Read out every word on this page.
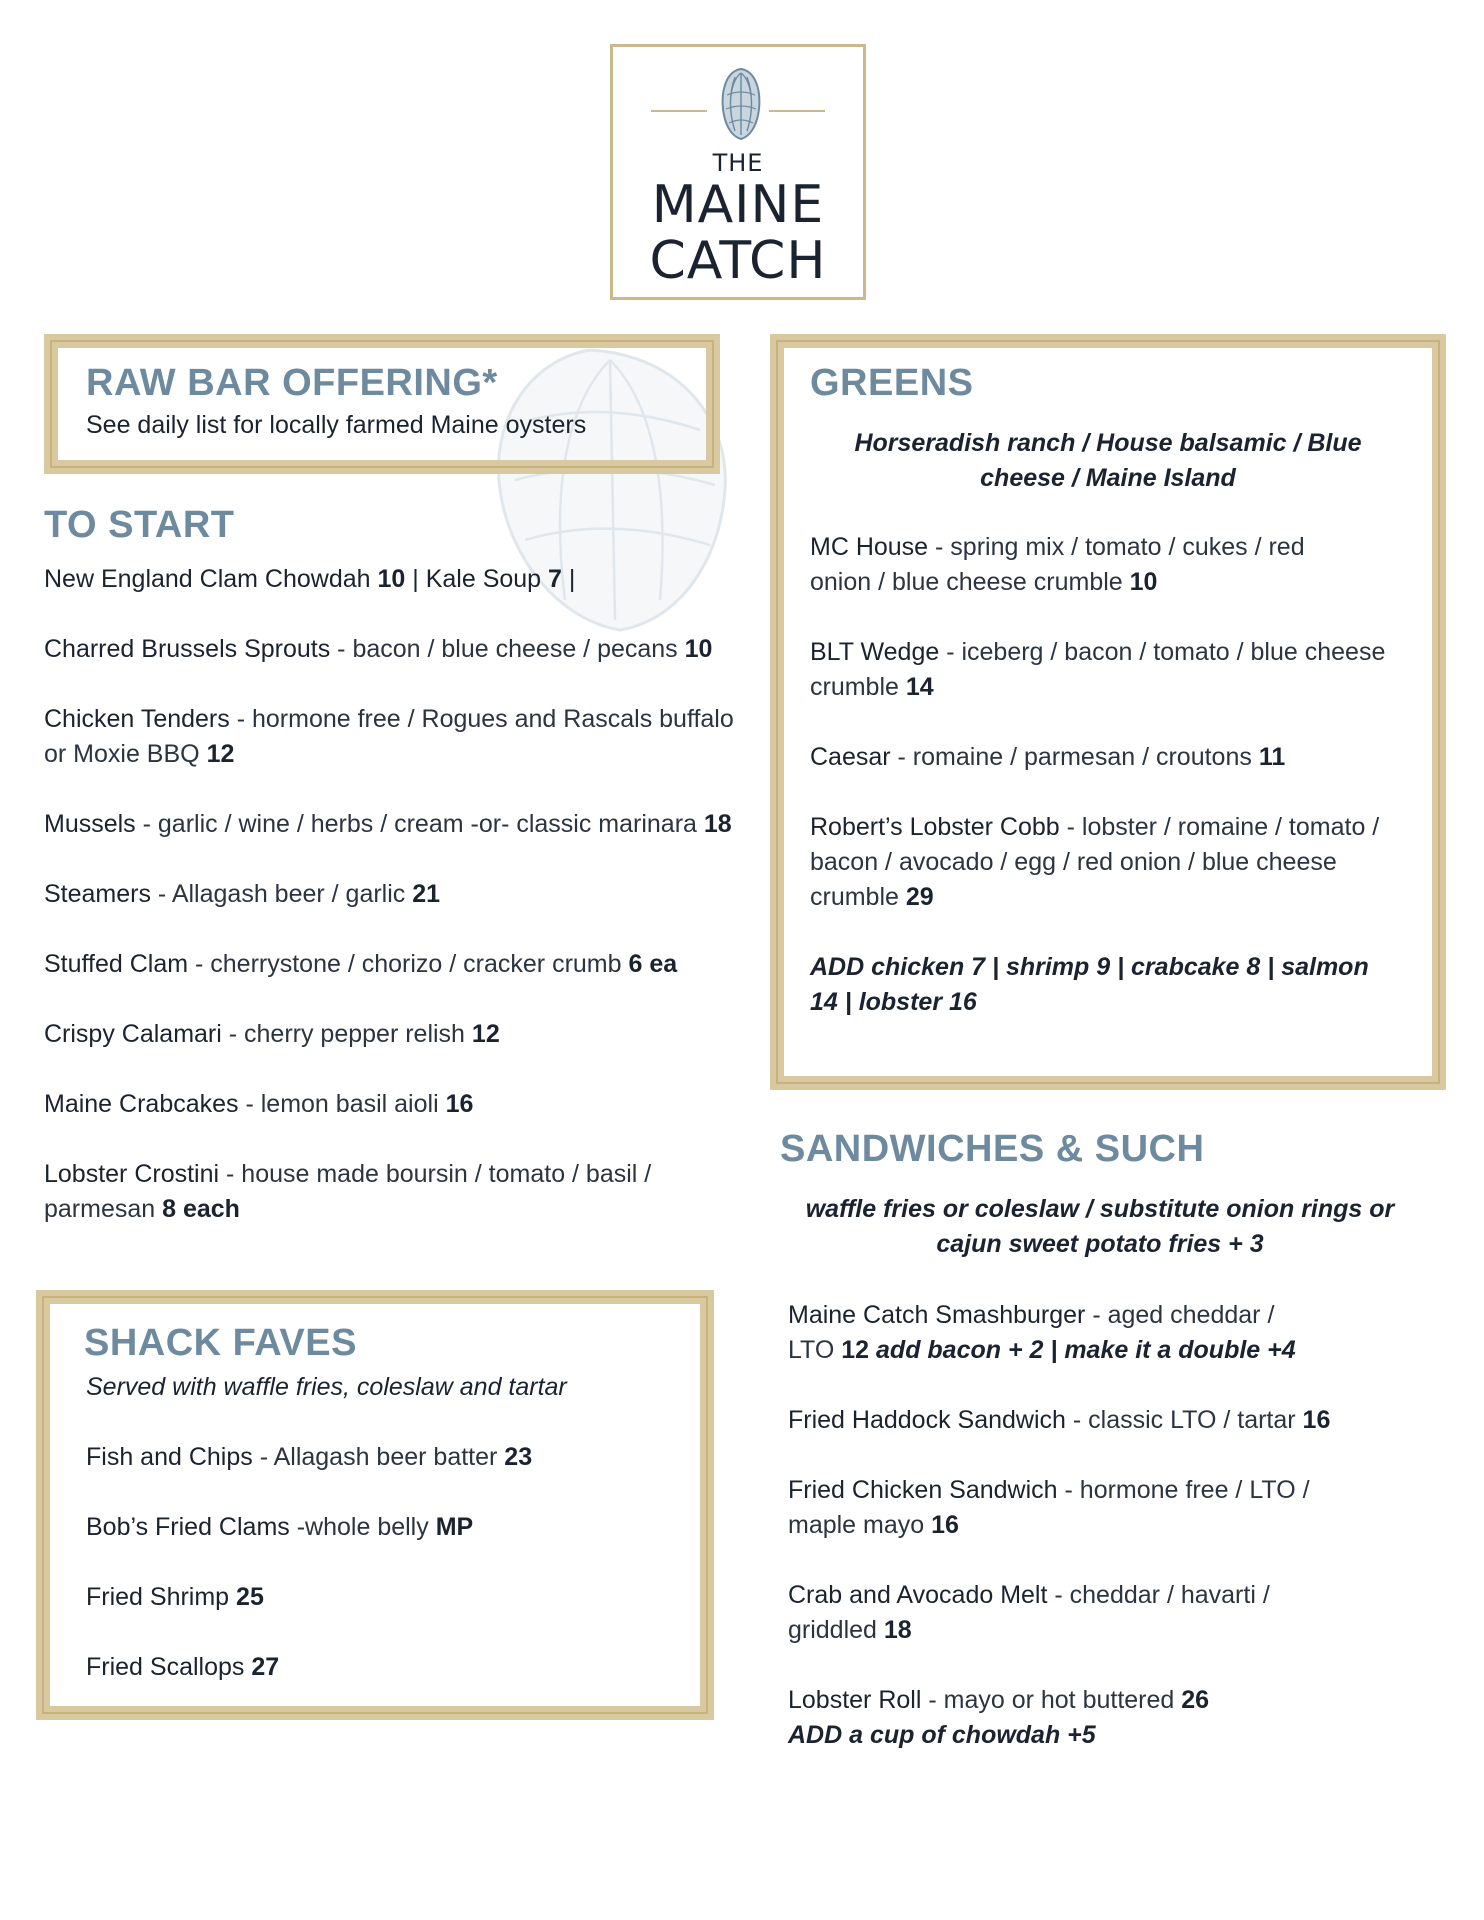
THE
MAINE
CATCH
RAW BAR OFFERING*
See daily list for locally farmed Maine oysters
TO START
New England Clam Chowdah 10 | Kale Soup 7 |
Charred Brussels Sprouts - bacon / blue cheese / pecans 10
Chicken Tenders - hormone free / Rogues and Rascals buffalo or Moxie BBQ 12
Mussels - garlic / wine / herbs / cream -or- classic marinara 18
Steamers - Allagash beer / garlic 21
Stuffed Clam - cherrystone / chorizo / cracker crumb 6 ea
Crispy Calamari - cherry pepper relish 12
Maine Crabcakes - lemon basil aioli 16
Lobster Crostini - house made boursin / tomato / basil / parmesan 8 each
SHACK FAVES
Served with waffle fries, coleslaw and tartar
Fish and Chips - Allagash beer batter 23
Bob’s Fried Clams -whole belly MP
Fried Shrimp 25
Fried Scallops 27
GREENS
Horseradish ranch / House balsamic / Blue cheese / Maine Island
MC House - spring mix / tomato / cukes / red onion / blue cheese crumble 10
BLT Wedge - iceberg / bacon / tomato / blue cheese crumble 14
Caesar - romaine / parmesan / croutons 11
Robert’s Lobster Cobb - lobster / romaine / tomato / bacon / avocado / egg / red onion / blue cheese crumble 29
ADD chicken 7 | shrimp 9 | crabcake 8 | salmon 14 | lobster 16
SANDWICHES & SUCH
waffle fries or coleslaw / substitute onion rings or cajun sweet potato fries + 3
Maine Catch Smashburger - aged cheddar / LTO 12 add bacon + 2 | make it a double +4
Fried Haddock Sandwich - classic LTO / tartar 16
Fried Chicken Sandwich - hormone free / LTO / maple mayo 16
Crab and Avocado Melt - cheddar / havarti / griddled 18
Lobster Roll - mayo or hot buttered 26
ADD a cup of chowdah +5
